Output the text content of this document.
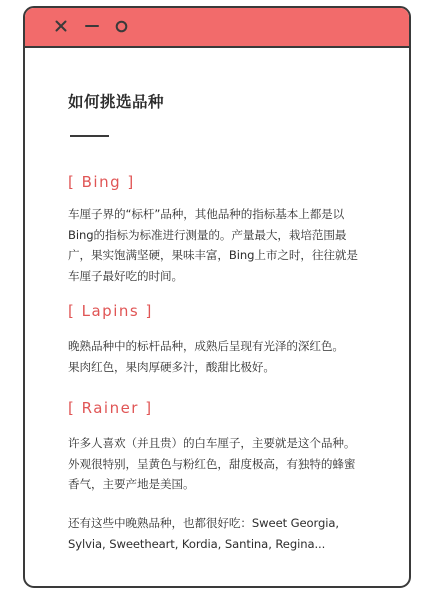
如何挑选品种
[ Bing ]

车厘子界的“标杆”品种，其他品种的指标基本上都是以
Bing的指标为标准进行测量的。产量最大，栽培范围最
广，果实饱满坚硬，果味丰富，Bing上市之时，往往就是
车厘子最好吃的时间。

[ Lapins ]

晚熟品种中的标杆品种，成熟后呈现有光泽的深红色。
果肉红色，果肉厚硬多汁，酸甜比极好。

[ Rainer ]

许多人喜欢（并且贵）的白车厘子，主要就是这个品种。
外观很特别，呈黄色与粉红色，甜度极高，有独特的蜂蜜
香气，主要产地是美国。

还有这些中晚熟品种，也都很好吃：Sweet Georgia,
Sylvia, Sweetheart, Kordia, Santina, Regina...
